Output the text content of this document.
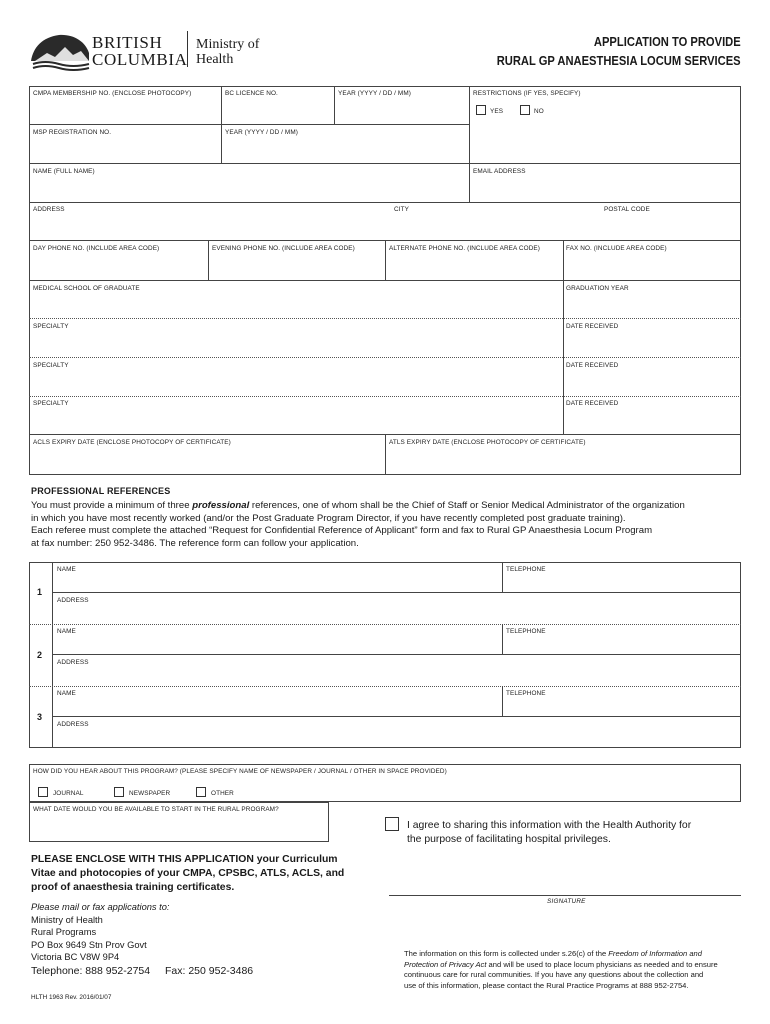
BRITISH
COLUMBIA
Ministry of
Health
APPLICATION TO PROVIDE
RURAL GP ANAESTHESIA LOCUM SERVICES
CMPA MEMBERSHIP NO. (ENCLOSE PHOTOCOPY)	BC LICENCE NO.	YEAR (YYYY / DD / MM)	RESTRICTIONS (IF YES, SPECIFY)
YES	NO
MSP REGISTRATION NO.	YEAR (YYYY / DD / MM)
NAME (FULL NAME)	EMAIL ADDRESS
ADDRESS	CITY	POSTAL CODE
DAY PHONE NO. (INCLUDE AREA CODE)	EVENING PHONE NO. (INCLUDE AREA CODE)	ALTERNATE PHONE NO. (INCLUDE AREA CODE)	FAX NO. (INCLUDE AREA CODE)
MEDICAL SCHOOL OF GRADUATE	GRADUATION YEAR
SPECIALTY	DATE RECEIVED
SPECIALTY	DATE RECEIVED
SPECIALTY	DATE RECEIVED
ACLS EXPIRY DATE (ENCLOSE PHOTOCOPY OF CERTIFICATE)	ATLS EXPIRY DATE (ENCLOSE PHOTOCOPY OF CERTIFICATE)
PROFESSIONAL REFERENCES
You must provide a minimum of three professional references, one of whom shall be the Chief of Staff or Senior Medical Administrator of the organization
in which you have most recently worked (and/or the Post Graduate Program Director, if you have recently completed post graduate training).
Each referee must complete the attached “Request for Confidential Reference of Applicant” form and fax to Rural GP Anaesthesia Locum Program
at fax number: 250 952-3486. The reference form can follow your application.
1
NAME	TELEPHONE
ADDRESS
2
NAME	TELEPHONE
ADDRESS
3
NAME	TELEPHONE
ADDRESS
HOW DID YOU HEAR ABOUT THIS PROGRAM? (PLEASE SPECIFY NAME OF NEWSPAPER / JOURNAL / OTHER IN SPACE PROVIDED)
JOURNAL	NEWSPAPER	OTHER
WHAT DATE WOULD YOU BE AVAILABLE TO START IN THE RURAL PROGRAM?
I agree to sharing this information with the Health Authority for
the purpose of facilitating hospital privileges.
SIGNATURE
PLEASE ENCLOSE WITH THIS APPLICATION your Curriculum
Vitae and photocopies of your CMPA, CPSBC, ATLS, ACLS, and
proof of anaesthesia training certificates.
Please mail or fax applications to:
Ministry of Health
Rural Programs
PO Box 9649 Stn Prov Govt
Victoria BC V8W 9P4
Telephone: 888 952-2754 Fax: 250 952-3486
The information on this form is collected under s.26(c) of the Freedom of Information and
Protection of Privacy Act and will be used to place locum physicians as needed and to ensure
continuous care for rural communities. If you have any questions about the collection and
use of this information, please contact the Rural Practice Programs at 888 952-2754.
HLTH 1963 Rev. 2016/01/07
